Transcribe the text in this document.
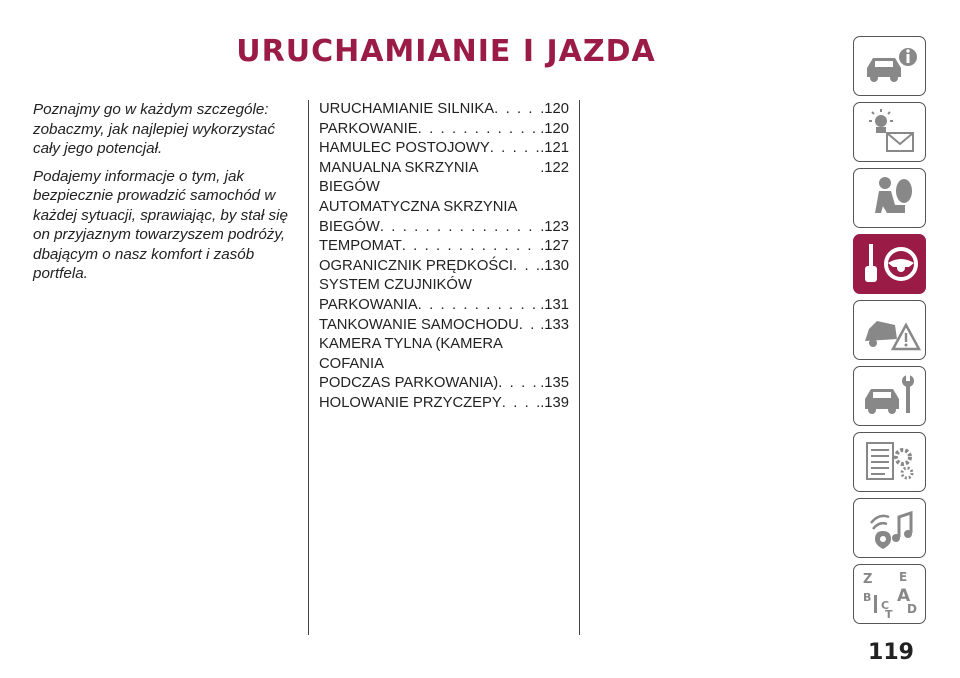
URUCHAMIANIE I JAZDA

Poznajmy go w każdym szczególe: zobaczmy, jak najlepiej wykorzystać cały jego potencjał.

Podajemy informacje o tym, jak bezpiecznie prowadzić samochód w każdej sytuacji, sprawiając, by stał się on przyjaznym towarzyszem podróży, dbającym o nasz komfort i zasób portfela.

URUCHAMIANIE SILNIKA . . .	.120
PARKOWANIE . . .	.120
HAMULEC POSTOJOWY . . .	.121
MANUALNA SKRZYNIA BIEGÓW
.122
AUTOMATYCZNA SKRZYNIA
BIEGÓW . . .	.123
TEMPOMAT . . .	.127
OGRANICZNIK PRĘDKOŚCI . . . .130
SYSTEM CZUJNIKÓW
PARKOWANIA . . .	.131
TANKOWANIE SAMOCHODU . . . .133
KAMERA TYLNA (KAMERA COFANIA
PODCZAS PARKOWANIA) . . .	.135
HOLOWANIE PRZYCZEPY . . .	.139
Z E
B A
C D
T
119
